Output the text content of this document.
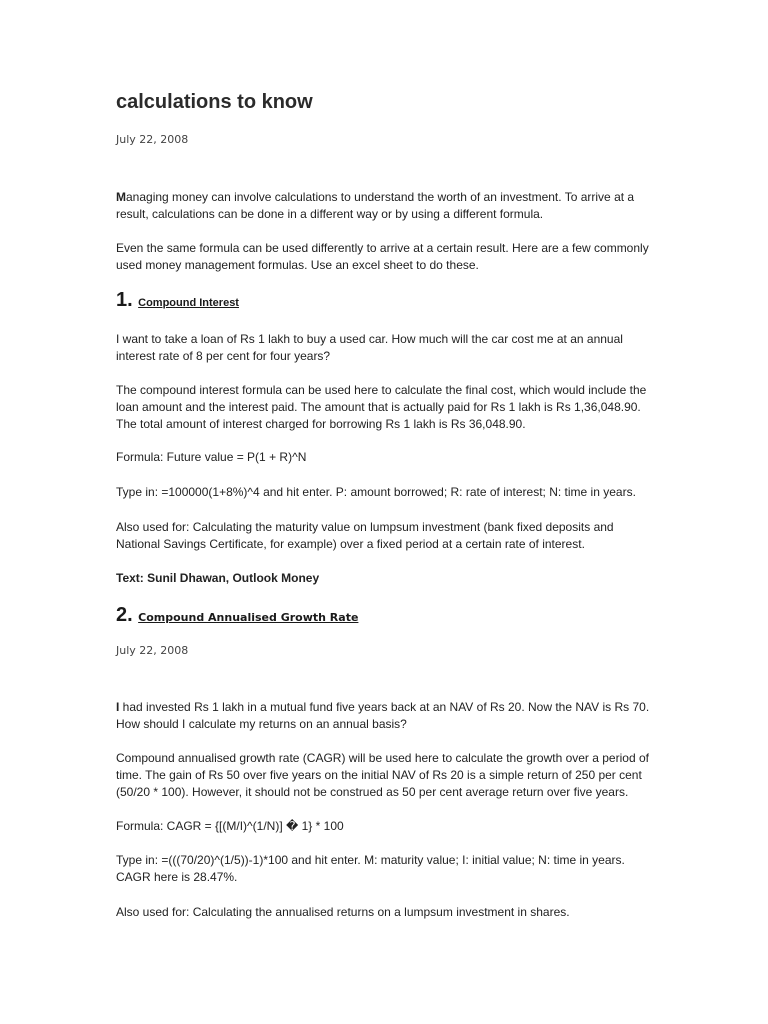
calculations to know
July 22, 2008

Managing money can involve calculations to understand the worth of an investment. To arrive at a result, calculations can be done in a different way or by using a different formula.

Even the same formula can be used differently to arrive at a certain result. Here are a few commonly used money management formulas. Use an excel sheet to do these.

1. Compound Interest

I want to take a loan of Rs 1 lakh to buy a used car. How much will the car cost me at an annual interest rate of 8 per cent for four years?

The compound interest formula can be used here to calculate the final cost, which would include the loan amount and the interest paid. The amount that is actually paid for Rs 1 lakh is Rs 1,36,048.90. The total amount of interest charged for borrowing Rs 1 lakh is Rs 36,048.90.

Formula: Future value = P(1 + R)^N

Type in: =100000(1+8%)^4 and hit enter. P: amount borrowed; R: rate of interest; N: time in years.

Also used for: Calculating the maturity value on lumpsum investment (bank fixed deposits and National Savings Certificate, for example) over a fixed period at a certain rate of interest.

Text: Sunil Dhawan, Outlook Money

2. Compound Annualised Growth Rate
July 22, 2008

I had invested Rs 1 lakh in a mutual fund five years back at an NAV of Rs 20. Now the NAV is Rs 70. How should I calculate my returns on an annual basis?

Compound annualised growth rate (CAGR) will be used here to calculate the growth over a period of time. The gain of Rs 50 over five years on the initial NAV of Rs 20 is a simple return of 250 per cent (50/20 * 100). However, it should not be construed as 50 per cent average return over five years.

Formula: CAGR = {[(M/I)^(1/N)] � 1} * 100

Type in: =(((70/20)^(1/5))-1)*100 and hit enter. M: maturity value; I: initial value; N: time in years. CAGR here is 28.47%.

Also used for: Calculating the annualised returns on a lumpsum investment in shares.
